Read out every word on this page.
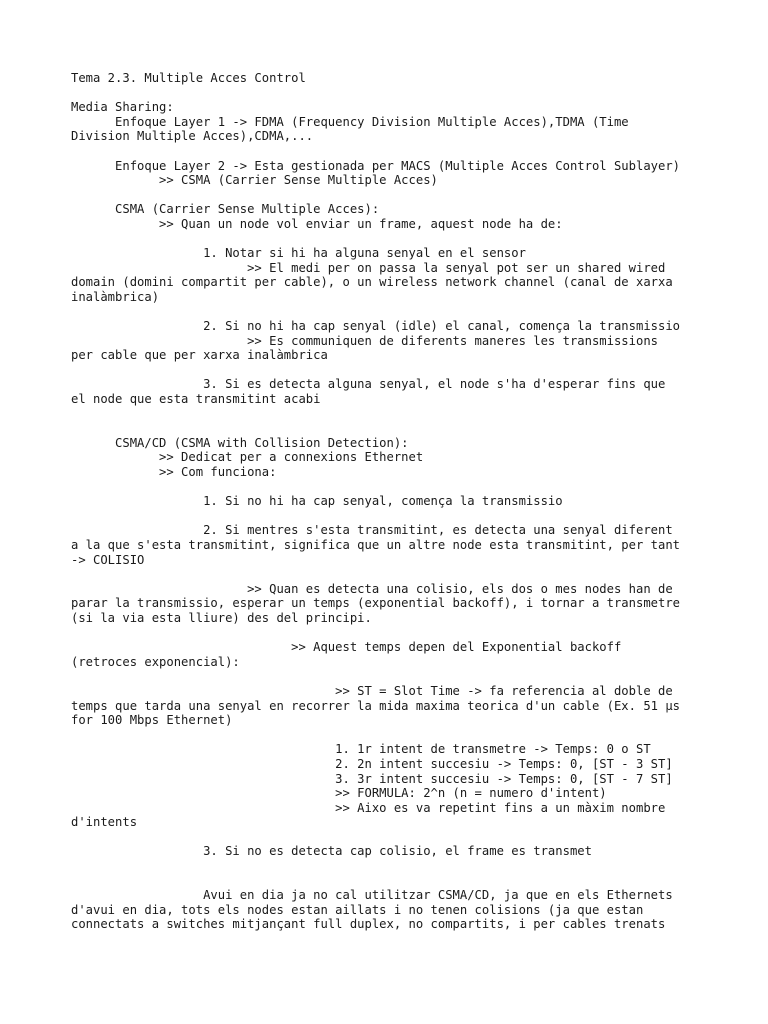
Tema 2.3. Multiple Acces Control
Media Sharing:
Enfoque Layer 1 -> FDMA (Frequency Division Multiple Acces),TDMA (Time
Division Multiple Acces),CDMA,...
Enfoque Layer 2 -> Esta gestionada per MACS (Multiple Acces Control Sublayer)
>> CSMA (Carrier Sense Multiple Acces)
CSMA (Carrier Sense Multiple Acces):
>> Quan un node vol enviar un frame, aquest node ha de:
1. Notar si hi ha alguna senyal en el sensor
>> El medi per on passa la senyal pot ser un shared wired
domain (domini compartit per cable), o un wireless network channel (canal de xarxa
inalàmbrica)
2. Si no hi ha cap senyal (idle) el canal, comença la transmissio
>> Es communiquen de diferents maneres les transmissions
per cable que per xarxa inalàmbrica
3. Si es detecta alguna senyal, el node s'ha d'esperar fins que
el node que esta transmitint acabi
CSMA/CD (CSMA with Collision Detection):
>> Dedicat per a connexions Ethernet
>> Com funciona:
1. Si no hi ha cap senyal, comença la transmissio
2. Si mentres s'esta transmitint, es detecta una senyal diferent
a la que s'esta transmitint, significa que un altre node esta transmitint, per tant
-> COLISIO
>> Quan es detecta una colisio, els dos o mes nodes han de
parar la transmissio, esperar un temps (exponential backoff), i tornar a transmetre
(si la via esta lliure) des del principi.
>> Aquest temps depen del Exponential backoff
(retroces exponencial):
>> ST = Slot Time -> fa referencia al doble de
temps que tarda una senyal en recorrer la mida maxima teorica d'un cable (Ex. 51 µs
for 100 Mbps Ethernet)
1. 1r intent de transmetre -> Temps: 0 o ST
2. 2n intent succesiu -> Temps: 0, [ST - 3 ST]
3. 3r intent succesiu -> Temps: 0, [ST - 7 ST]
>> FORMULA: 2^n (n = numero d'intent)
>> Aixo es va repetint fins a un màxim nombre
d'intents
3. Si no es detecta cap colisio, el frame es transmet
Avui en dia ja no cal utilitzar CSMA/CD, ja que en els Ethernets
d'avui en dia, tots els nodes estan aillats i no tenen colisions (ja que estan
connectats a switches mitjançant full duplex, no compartits, i per cables trenats
